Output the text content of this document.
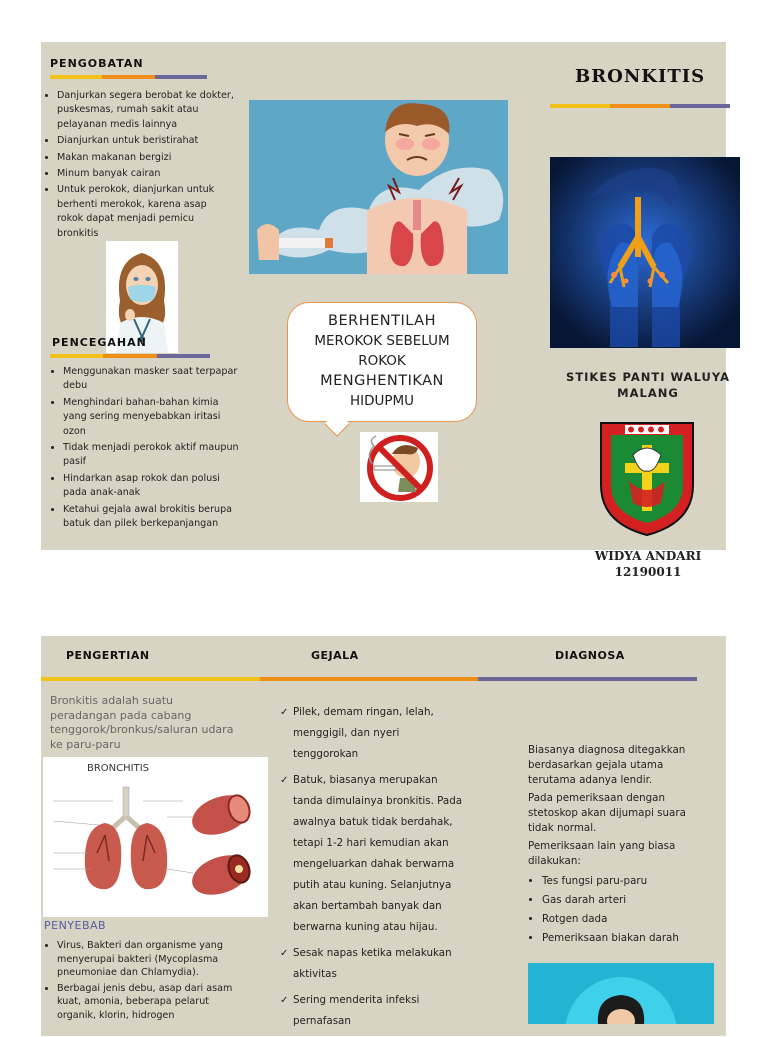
PENGOBATAN
• Danjurkan segera berobat ke dokter, puskesmas, rumah sakit atau pelayanan medis lainnya
• Dianjurkan untuk beristirahat
• Makan makanan bergizi
• Minum banyak cairan
• Untuk perokok, dianjurkan untuk berhenti merokok, karena asap rokok dapat menjadi pemicu bronkitis
PENCEGAHAN
• Menggunakan masker saat terpapar debu
• Menghindari bahan-bahan kimia yang sering menyebabkan iritasi ozon
• Tidak menjadi perokok aktif maupun pasif
• Hindarkan asap rokok dan polusi pada anak-anak
• Ketahui gejala awal brokitis berupa batuk dan pilek berkepanjangan
BERHENTILAH
MEROKOK SEBELUM
ROKOK
MENGHENTIKAN
HIDUPMU
BRONKITIS
STIKES PANTI WALUYA MALANG
WIDYA ANDARI
12190011
PENGERTIAN	GEJALA	DIAGNOSA
Bronkitis adalah suatu peradangan pada cabang tenggorok/bronkus/saluran udara ke paru-paru
BRONCHITIS
PENYEBAB
• Virus, Bakteri dan organisme yang menyerupai bakteri (Mycoplasma pneumoniae dan Chlamydia).
• Berbagai jenis debu, asap dari asam kuat, amonia, beberapa pelarut organik, klorin, hidrogen
✓ Pilek, demam ringan, lelah, menggigil, dan nyeri tenggorokan
✓ Batuk, biasanya merupakan tanda dimulainya bronkitis. Pada awalnya batuk tidak berdahak, tetapi 1-2 hari kemudian akan mengeluarkan dahak berwarna putih atau kuning. Selanjutnya akan bertambah banyak dan berwarna kuning atau hijau.
✓ Sesak napas ketika melakukan aktivitas
✓ Sering menderita infeksi pernafasan

Biasanya diagnosa ditegakkan berdasarkan gejala utama terutama adanya lendir.

Pada pemeriksaan dengan stetoskop akan dijumapi suara tidak normal.

Pemeriksaan lain yang biasa dilakukan:

• Tes fungsi paru-paru
• Gas darah arteri
• Rotgen dada
• Pemeriksaan biakan darah
